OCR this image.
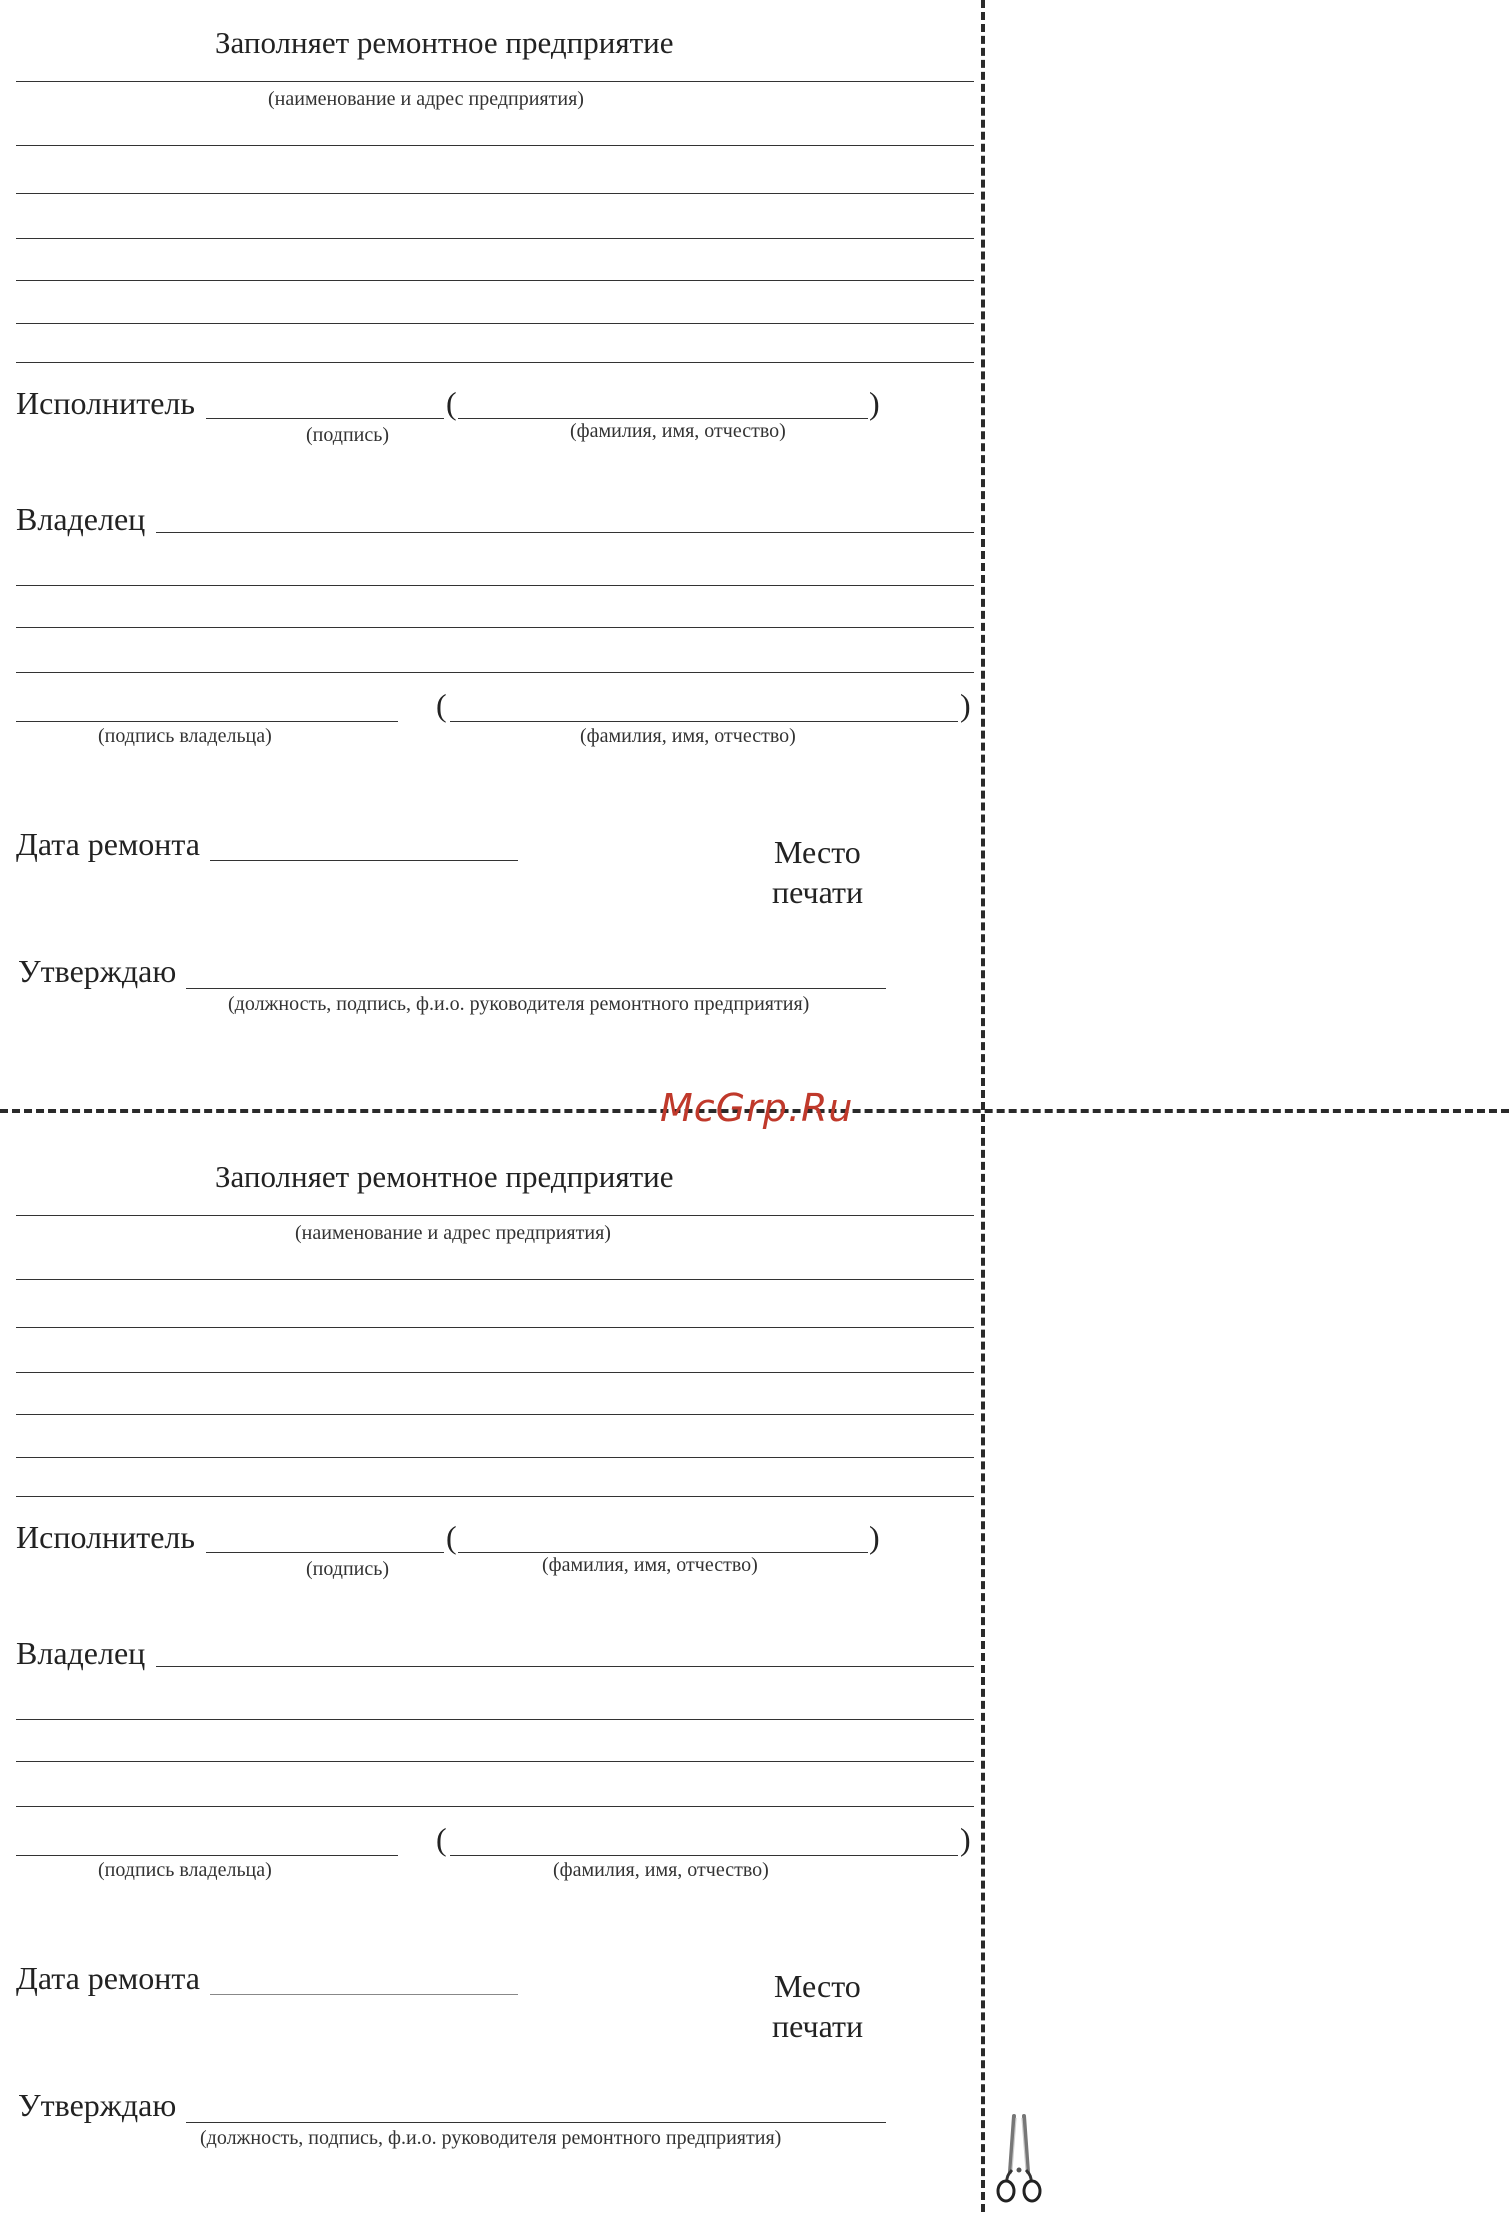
Заполняет ремонтное предприятие
(наименование и адрес предприятия)
Исполнитель	(	)
(подпись)	(фамилия, имя, отчество)
Владелец
(	)
(подпись владельца)	(фамилия, имя, отчество)
Дата ремонта	Место
печати
Утверждаю
(должность, подпись, ф.и.о. руководителя ремонтного предприятия)
Заполняет ремонтное предприятие
(наименование и адрес предприятия)
Исполнитель	(	)
(подпись)	(фамилия, имя, отчество)
Владелец
(	)
(подпись владельца)	(фамилия, имя, отчество)
Дата ремонта	Место
печати
Утверждаю
(должность, подпись, ф.и.о. руководителя ремонтного предприятия)
McGrp.Ru
